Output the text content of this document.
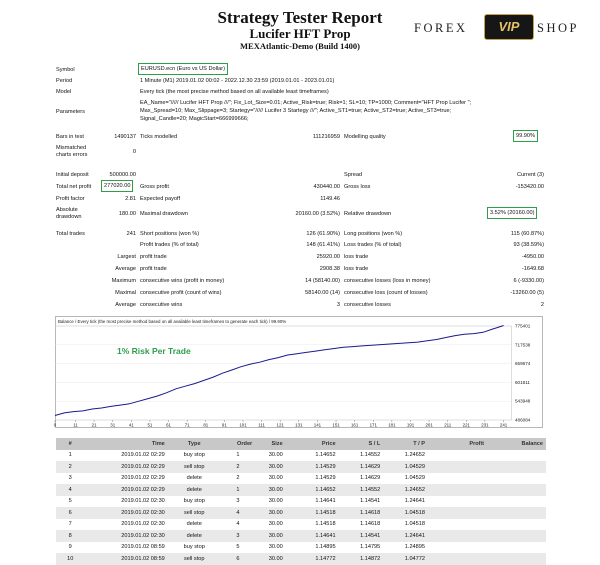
Strategy Tester Report
Lucifer HFT Prop
MEXAtlantic-Demo (Build 1400)
FOREX	VIP	SHOP
Symbol	EURUSD.ecn (Euro vs US Dollar)
Period	1 Minute (M1) 2019.01.02 00:02 - 2022.12.30 23:59 (2019.01.01 - 2023.01.01)
Model	Every tick (the most precise method based on all available least timeframes)
Parameters
EA_Name="///// Lucifer HFT Prop ///"; Fix_Lot_Size=0.01; Active_Risk=true; Risk=1; SL=10; TP=1000; Comment="HFT Prop Lucifer ";
Max_Spread=10; Max_Slippage=3; Startegy="///// Lucifer 3 Startegy ///"; Active_ST1=true; Active_ST2=true; Active_ST3=true;
Signal_Candle=20; MagicStart=666999666;
Bars in test	1490137 Ticks modelled	111216959 Modelling quality	99.90%
Mismatched
charts errors	0
Initial deposit	500000.00	Spread	Current (3)
Total net profit	277020.00	Gross profit	430440.00 Gross loss	-153420.00
Profit factor	2.81 Expected payoff	1149.46
Absolute
drawdown	180.00 Maximal drawdown	20160.00 (3.52%) Relative drawdown	3.52% (20160.00)
Total trades	241 Short positions (won %)	126 (61.90%) Long positions (won %)	115 (60.87%)
Profit trades (% of total)	148 (61.41%) Loss trades (% of total)	93 (38.59%)
Largest profit trade	25920.00 loss trade	-4950.00
Average profit trade	2908.38 loss trade	-1649.68
Maximum consecutive wins (profit in money)	14 (58140.00) consecutive losses (loss in money)	6 (-9330.00)
Maximal consecutive profit (count of wins)	58140.00 (14) consecutive loss (count of losses)	-13260.00 (5)
Average consecutive wins	3 consecutive losses	2
Balance / Every tick (the most precise method based on all available least timeframes to generate each tick) / 99.90%
775401
717538
659674
601811
543948
486084
0	11	21	31	41	51	61	71	81	91	101	111	121	131	141	151	161	171	181	191	201	211	221	231	241
1% Risk Per Trade
#	Time	Type	Order	Size	Price	S / L	T / P	Profit	Balance
1	2019.01.02 02:29	buy stop	1	30.00	1.14652	1.14552	1.24652		
2	2019.01.02 02:29	sell stop	2	30.00	1.14529	1.14629	1.04529		
3	2019.01.02 02:29	delete	2	30.00	1.14529	1.14629	1.04529		
4	2019.01.02 02:29	delete	1	30.00	1.14652	1.14552	1.24652		
5	2019.01.02 02:30	buy stop	3	30.00	1.14641	1.14541	1.24641		
6	2019.01.02 02:30	sell stop	4	30.00	1.14518	1.14618	1.04518		
7	2019.01.02 02:30	delete	4	30.00	1.14518	1.14618	1.04518		
8	2019.01.02 02:30	delete	3	30.00	1.14641	1.14541	1.24641		
9	2019.01.02 08:59	buy stop	5	30.00	1.14895	1.14795	1.24895		
10	2019.01.02 08:59	sell stop	6	30.00	1.14772	1.14872	1.04772		
